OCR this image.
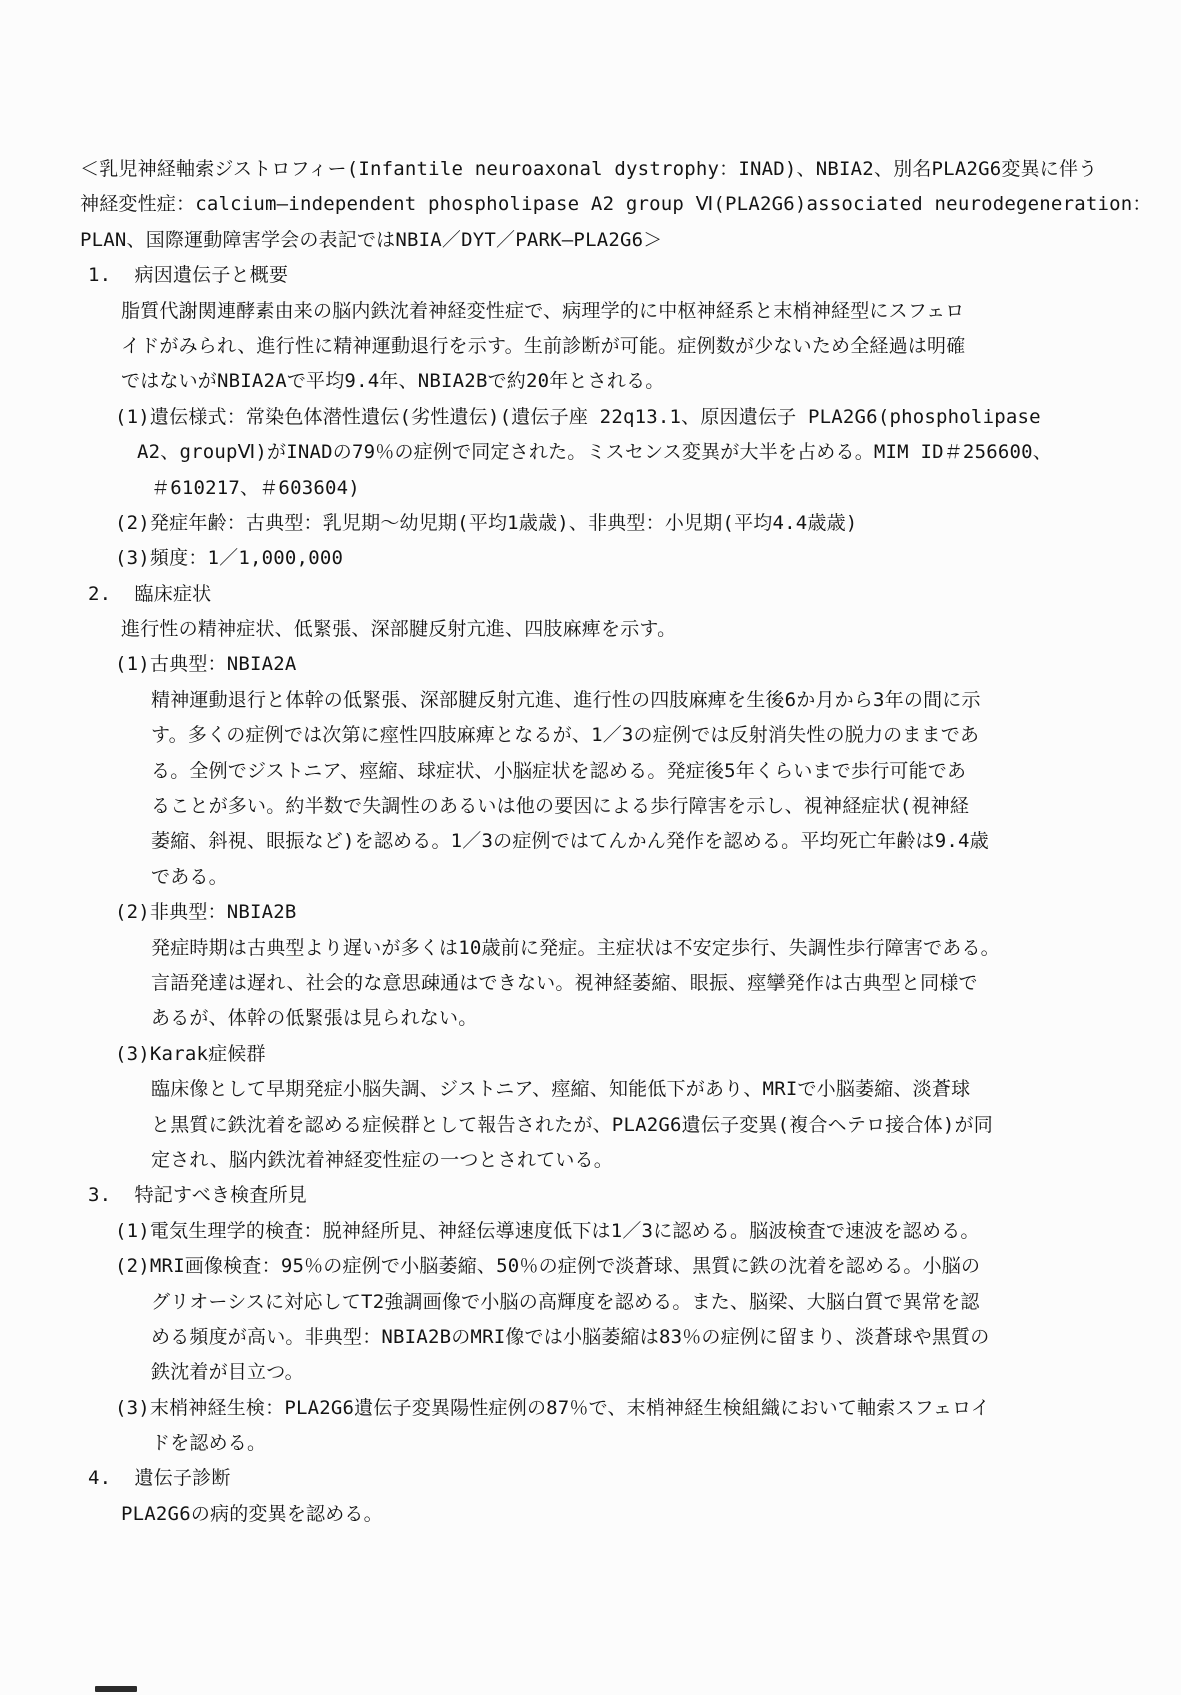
＜乳児神経軸索ジストロフィー(Infantile neuroaxonal dystrophy：INAD)、NBIA2、別名PLA2G6変異に伴う
神経変性症：calcium―independent phospholipase A2 group Ⅵ(PLA2G6)associated neurodegeneration：
PLAN、国際運動障害学会の表記ではNBIA／DYT／PARK―PLA2G6＞
1.  病因遺伝子と概要
脂質代謝関連酵素由来の脳内鉄沈着神経変性症で、病理学的に中枢神経系と末梢神経型にスフェロ
イドがみられ、進行性に精神運動退行を示す。生前診断が可能。症例数が少ないため全経過は明確
ではないがNBIA2Aで平均9.4年、NBIA2Bで約20年とされる。
(1)遺伝様式：常染色体潜性遺伝(劣性遺伝)(遺伝子座 22q13.1、原因遺伝子 PLA2G6(phospholipase
A2、groupⅥ)がINADの79％の症例で同定された。ミスセンス変異が大半を占める。MIM ID＃256600、
＃610217、＃603604)
(2)発症年齢：古典型：乳児期～幼児期(平均1歳歳)、非典型：小児期(平均4.4歳歳)
(3)頻度：1／1,000,000
2.  臨床症状
進行性の精神症状、低緊張、深部腱反射亢進、四肢麻痺を示す。
(1)古典型：NBIA2A
精神運動退行と体幹の低緊張、深部腱反射亢進、進行性の四肢麻痺を生後6か月から3年の間に示
す。多くの症例では次第に痙性四肢麻痺となるが、1／3の症例では反射消失性の脱力のままであ
る。全例でジストニア、痙縮、球症状、小脳症状を認める。発症後5年くらいまで歩行可能であ
ることが多い。約半数で失調性のあるいは他の要因による歩行障害を示し、視神経症状(視神経
萎縮、斜視、眼振など)を認める。1／3の症例ではてんかん発作を認める。平均死亡年齢は9.4歳
である。
(2)非典型：NBIA2B
発症時期は古典型より遅いが多くは10歳前に発症。主症状は不安定歩行、失調性歩行障害である。
言語発達は遅れ、社会的な意思疎通はできない。視神経萎縮、眼振、痙攣発作は古典型と同様で
あるが、体幹の低緊張は見られない。
(3)Karak症候群
臨床像として早期発症小脳失調、ジストニア、痙縮、知能低下があり、MRIで小脳萎縮、淡蒼球
と黒質に鉄沈着を認める症候群として報告されたが、PLA2G6遺伝子変異(複合ヘテロ接合体)が同
定され、脳内鉄沈着神経変性症の一つとされている。
3.  特記すべき検査所見
(1)電気生理学的検査：脱神経所見、神経伝導速度低下は1／3に認める。脳波検査で速波を認める。
(2)MRI画像検査：95％の症例で小脳萎縮、50％の症例で淡蒼球、黒質に鉄の沈着を認める。小脳の
グリオーシスに対応してT2強調画像で小脳の高輝度を認める。また、脳梁、大脳白質で異常を認
める頻度が高い。非典型：NBIA2BのMRI像では小脳萎縮は83％の症例に留まり、淡蒼球や黒質の
鉄沈着が目立つ。
(3)末梢神経生検：PLA2G6遺伝子変異陽性症例の87％で、末梢神経生検組織において軸索スフェロイ
ドを認める。
4.  遺伝子診断
PLA2G6の病的変異を認める。
